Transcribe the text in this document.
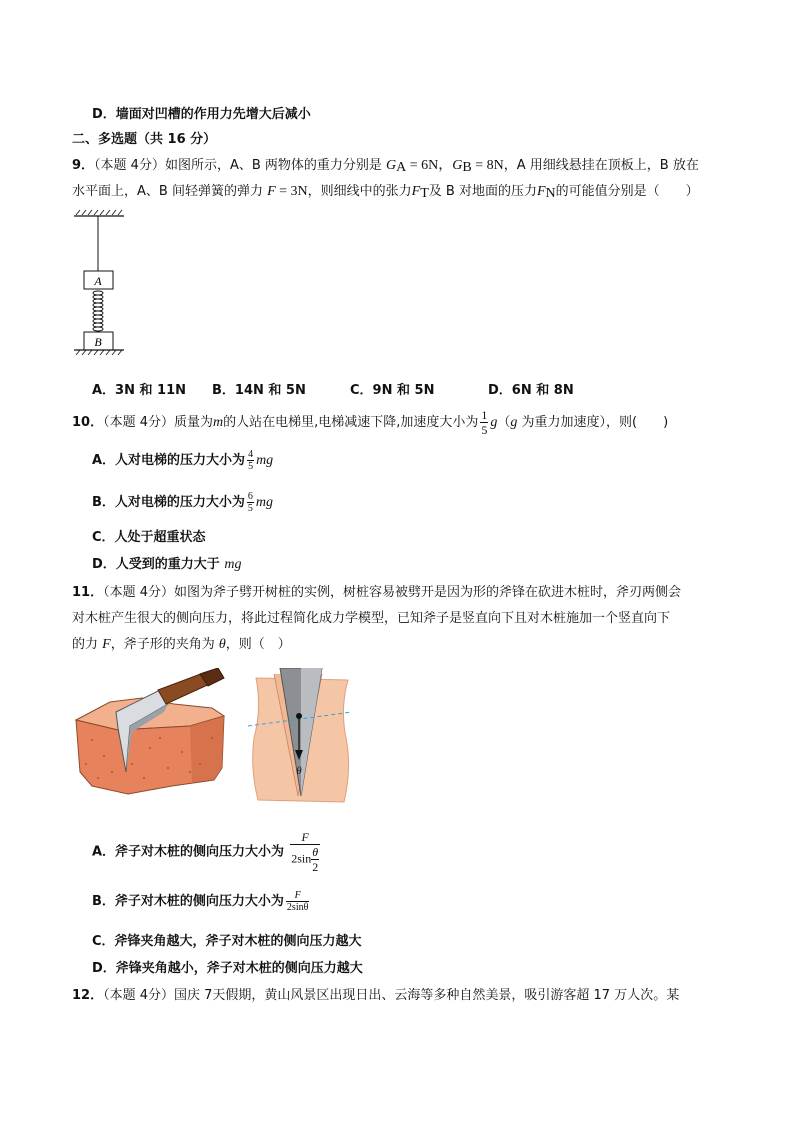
D．墙面对凹槽的作用力先增大后减小
二、多选题（共 16 分）
9．（本题 4分）如图所示，A、B 两物体的重力分别是 $G_A = 6N$，$G_B = 8N$，A 用细线悬挂在顶板上，B 放在
水平面上，A、B 间轻弹簧的弹力 F = 3N，则细线中的张力$F_T$及 B 对地面的压力$F_N$的可能值分别是（　　）
A
B
A．3N 和 11N B．14N 和 5N	C．9N 和 5N	D．6N 和 8N
10．（本题 4分）质量为m的人站在电梯里,电梯减速下降,加速度大小为 $\frac{1}{5} g(g$ 为重力加速度），则(　　)
A．人对电梯的压力大小为 $\frac{4}{5}$ mg
B．人对电梯的压力大小为 $\frac{6}{5}$ mg
C．人处于超重状态
D．人受到的重力大于 mg
11．（本题 4分）如图为斧子劈开树桩的实例，树桩容易被劈开是因为形的斧锋在砍进木桩时，斧刃两侧会
对木桩产生很大的侧向压力，将此过程简化成力学模型，已知斧子是竖直向下且对木桩施加一个竖直向下
的力 F，斧子形的夹角为 θ，则（　）
θ
A．斧子对木桩的侧向压力大小为 $\frac{F}{2\sin \frac{\theta}{2}}$
B．斧子对木桩的侧向压力大小为 $\frac{F}{2\sin\theta}$
C．斧锋夹角越大，斧子对木桩的侧向压力越大
D．斧锋夹角越小，斧子对木桩的侧向压力越大
12．（本题 4分）国庆 7天假期，黄山风景区出现日出、云海等多种自然美景，吸引游客超 17 万人次。某
